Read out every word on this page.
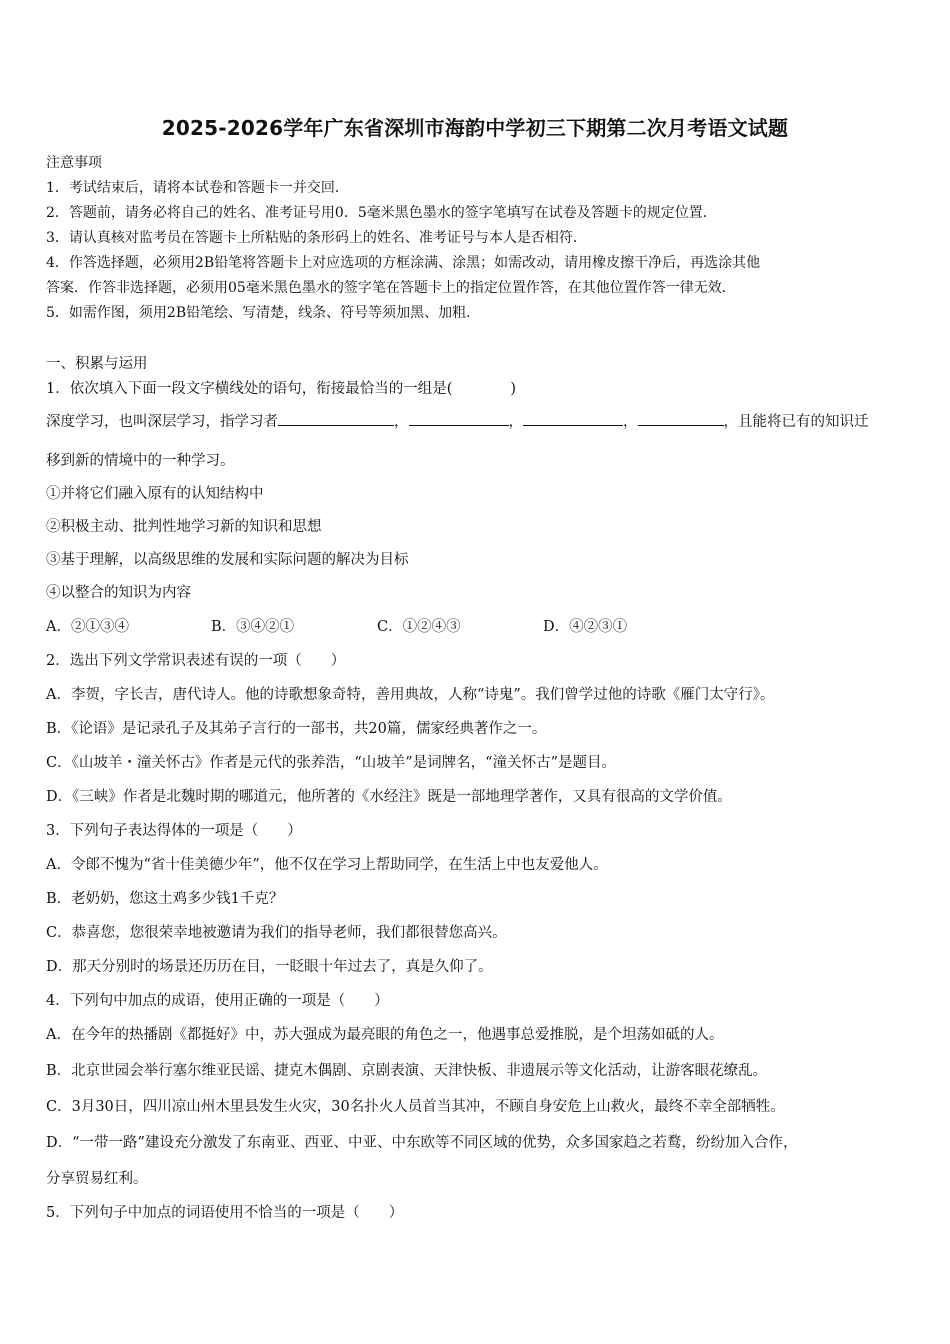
2025-2026学年广东省深圳市海韵中学初三下期第二次月考语文试题
注意事项
1．考试结束后，请将本试卷和答题卡一并交回．
2．答题前，请务必将自己的姓名、准考证号用0．5毫米黑色墨水的签字笔填写在试卷及答题卡的规定位置．
3．请认真核对监考员在答题卡上所粘贴的条形码上的姓名、准考证号与本人是否相符．
4．作答选择题，必须用2B铅笔将答题卡上对应选项的方框涂满、涂黑；如需改动，请用橡皮擦干净后，再选涂其他
答案．作答非选择题，必须用05毫米黑色墨水的签字笔在答题卡上的指定位置作答，在其他位置作答一律无效．
5．如需作图，须用2B铅笔绘、写清楚，线条、符号等须加黑、加粗．
一、积累与运用
1．依次填入下面一段文字横线处的语句，衔接最恰当的一组是(　　　　)
深度学习，也叫深层学习，指学习者	，	，	，	，且能将已有的知识迁
移到新的情境中的一种学习。
①并将它们融入原有的认知结构中
②积极主动、批判性地学习新的知识和思想
③基于理解，以高级思维的发展和实际问题的解决为目标
④以整合的知识为内容
A．②①③④	B．③④②①	C．①②④③	D．④②③①
2．选出下列文学常识表述有误的一项（　　）
A．李贺，字长吉，唐代诗人。他的诗歌想象奇特，善用典故，人称“诗鬼”。我们曾学过他的诗歌《雁门太守行》。
B．《论语》是记录孔子及其弟子言行的一部书，共20篇，儒家经典著作之一。
C．《山坡羊・潼关怀古》作者是元代的张养浩，“山坡羊”是词牌名，“潼关怀古”是题目。
D．《三峡》作者是北魏时期的哪道元，他所著的《水经注》既是一部地理学著作，又具有很高的文学价值。
3．下列句子表达得体的一项是（　　）
A．令郎不愧为“省十佳美德少年”，他不仅在学习上帮助同学，在生活上中也友爱他人。
B．老奶奶，您这土鸡多少钱1千克？
C．恭喜您，您很荣幸地被邀请为我们的指导老师，我们都很替您高兴。
D．那天分别时的场景还历历在目，一眨眼十年过去了，真是久仰了。
4．下列句中加点的成语，使用正确的一项是（　　）
A．在今年的热播剧《都挺好》中，苏大强成为最亮眼的角色之一，他遇事总爱推脱，是个坦荡如砥的人。
B．北京世园会举行塞尔维亚民谣、捷克木偶剧、京剧表演、天津快板、非遗展示等文化活动，让游客眼花缭乱。
C．3月30日，四川凉山州木里县发生火灾，30名扑火人员首当其冲，不顾自身安危上山救火，最终不幸全部牺牲。
D．“一带一路”建设充分激发了东南亚、西亚、中亚、中东欧等不同区域的优势，众多国家趋之若鹜，纷纷加入合作，
分享贸易红利。
5．下列句子中加点的词语使用不恰当的一项是（　　）
